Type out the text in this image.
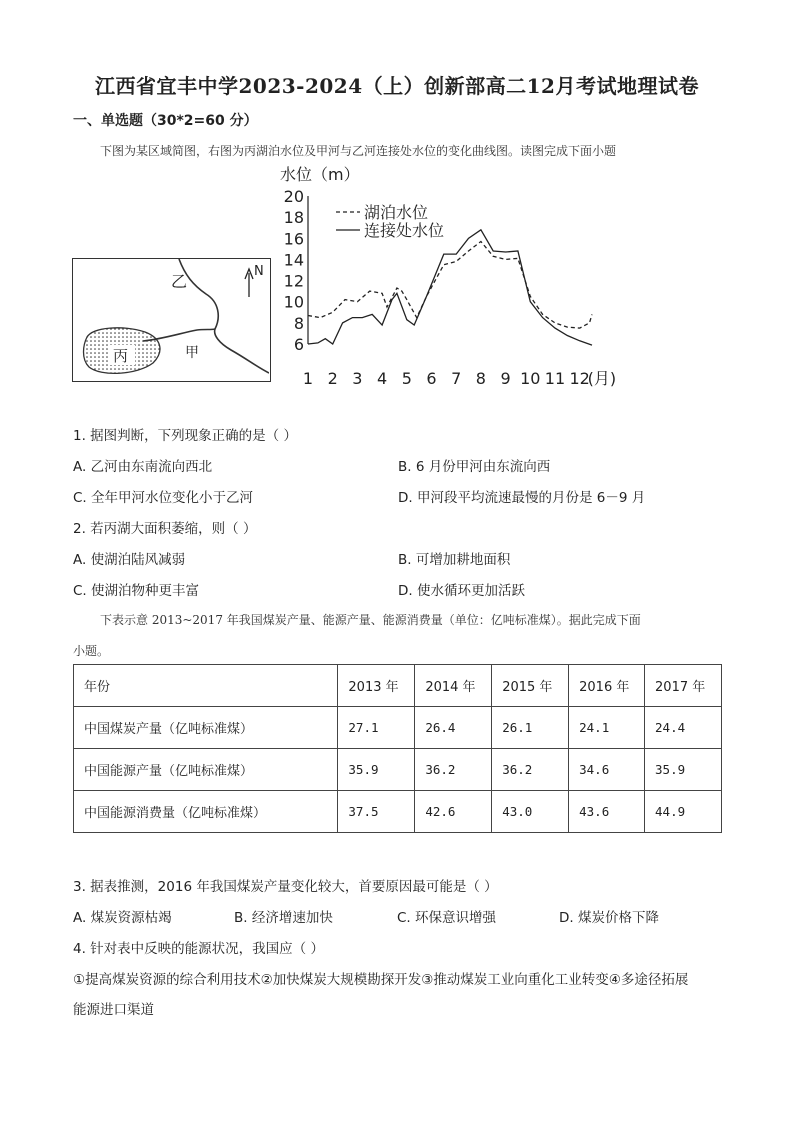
江西省宜丰中学2023-2024（上）创新部高二12月考试地理试卷
一、单选题（30*2=60 分）
下图为某区域简图，右图为丙湖泊水位及甲河与乙河连接处水位的变化曲线图。读图完成下面小题
丙
乙
甲
N
水位（m）
6
8
10
12
14
16
18
20
1 2 3 4 5 6 7 8 9 10 11 12
(月)
湖泊水位
连接处水位
1. 据图判断，下列现象正确的是（ ）
A. 乙河由东南流向西北	B. 6 月份甲河由东流向西
C. 全年甲河水位变化小于乙河	D. 甲河段平均流速最慢的月份是 6－9 月
2. 若丙湖大面积萎缩，则（ ）
A. 使湖泊陆风减弱	B. 可增加耕地面积
C. 使湖泊物种更丰富	D. 使水循环更加活跃
下表示意 2013~2017 年我国煤炭产量、能源产量、能源消费量（单位：亿吨标准煤）。据此完成下面
小题。
年份	2013 年	2014 年	2015 年	2016 年	2017 年
中国煤炭产量（亿吨标准煤）	27.1	26.4	26.1	24.1	24.4
中国能源产量（亿吨标准煤）	35.9	36.2	36.2	34.6	35.9
中国能源消费量（亿吨标准煤）	37.5	42.6	43.0	43.6	44.9
3. 据表推测，2016 年我国煤炭产量变化较大，首要原因最可能是（ ）
A. 煤炭资源枯竭	B. 经济增速加快	C. 环保意识增强	D. 煤炭价格下降
4. 针对表中反映的能源状况，我国应（ ）
①提高煤炭资源的综合利用技术②加快煤炭大规模勘探开发③推动煤炭工业向重化工业转变④多途径拓展
能源进口渠道
